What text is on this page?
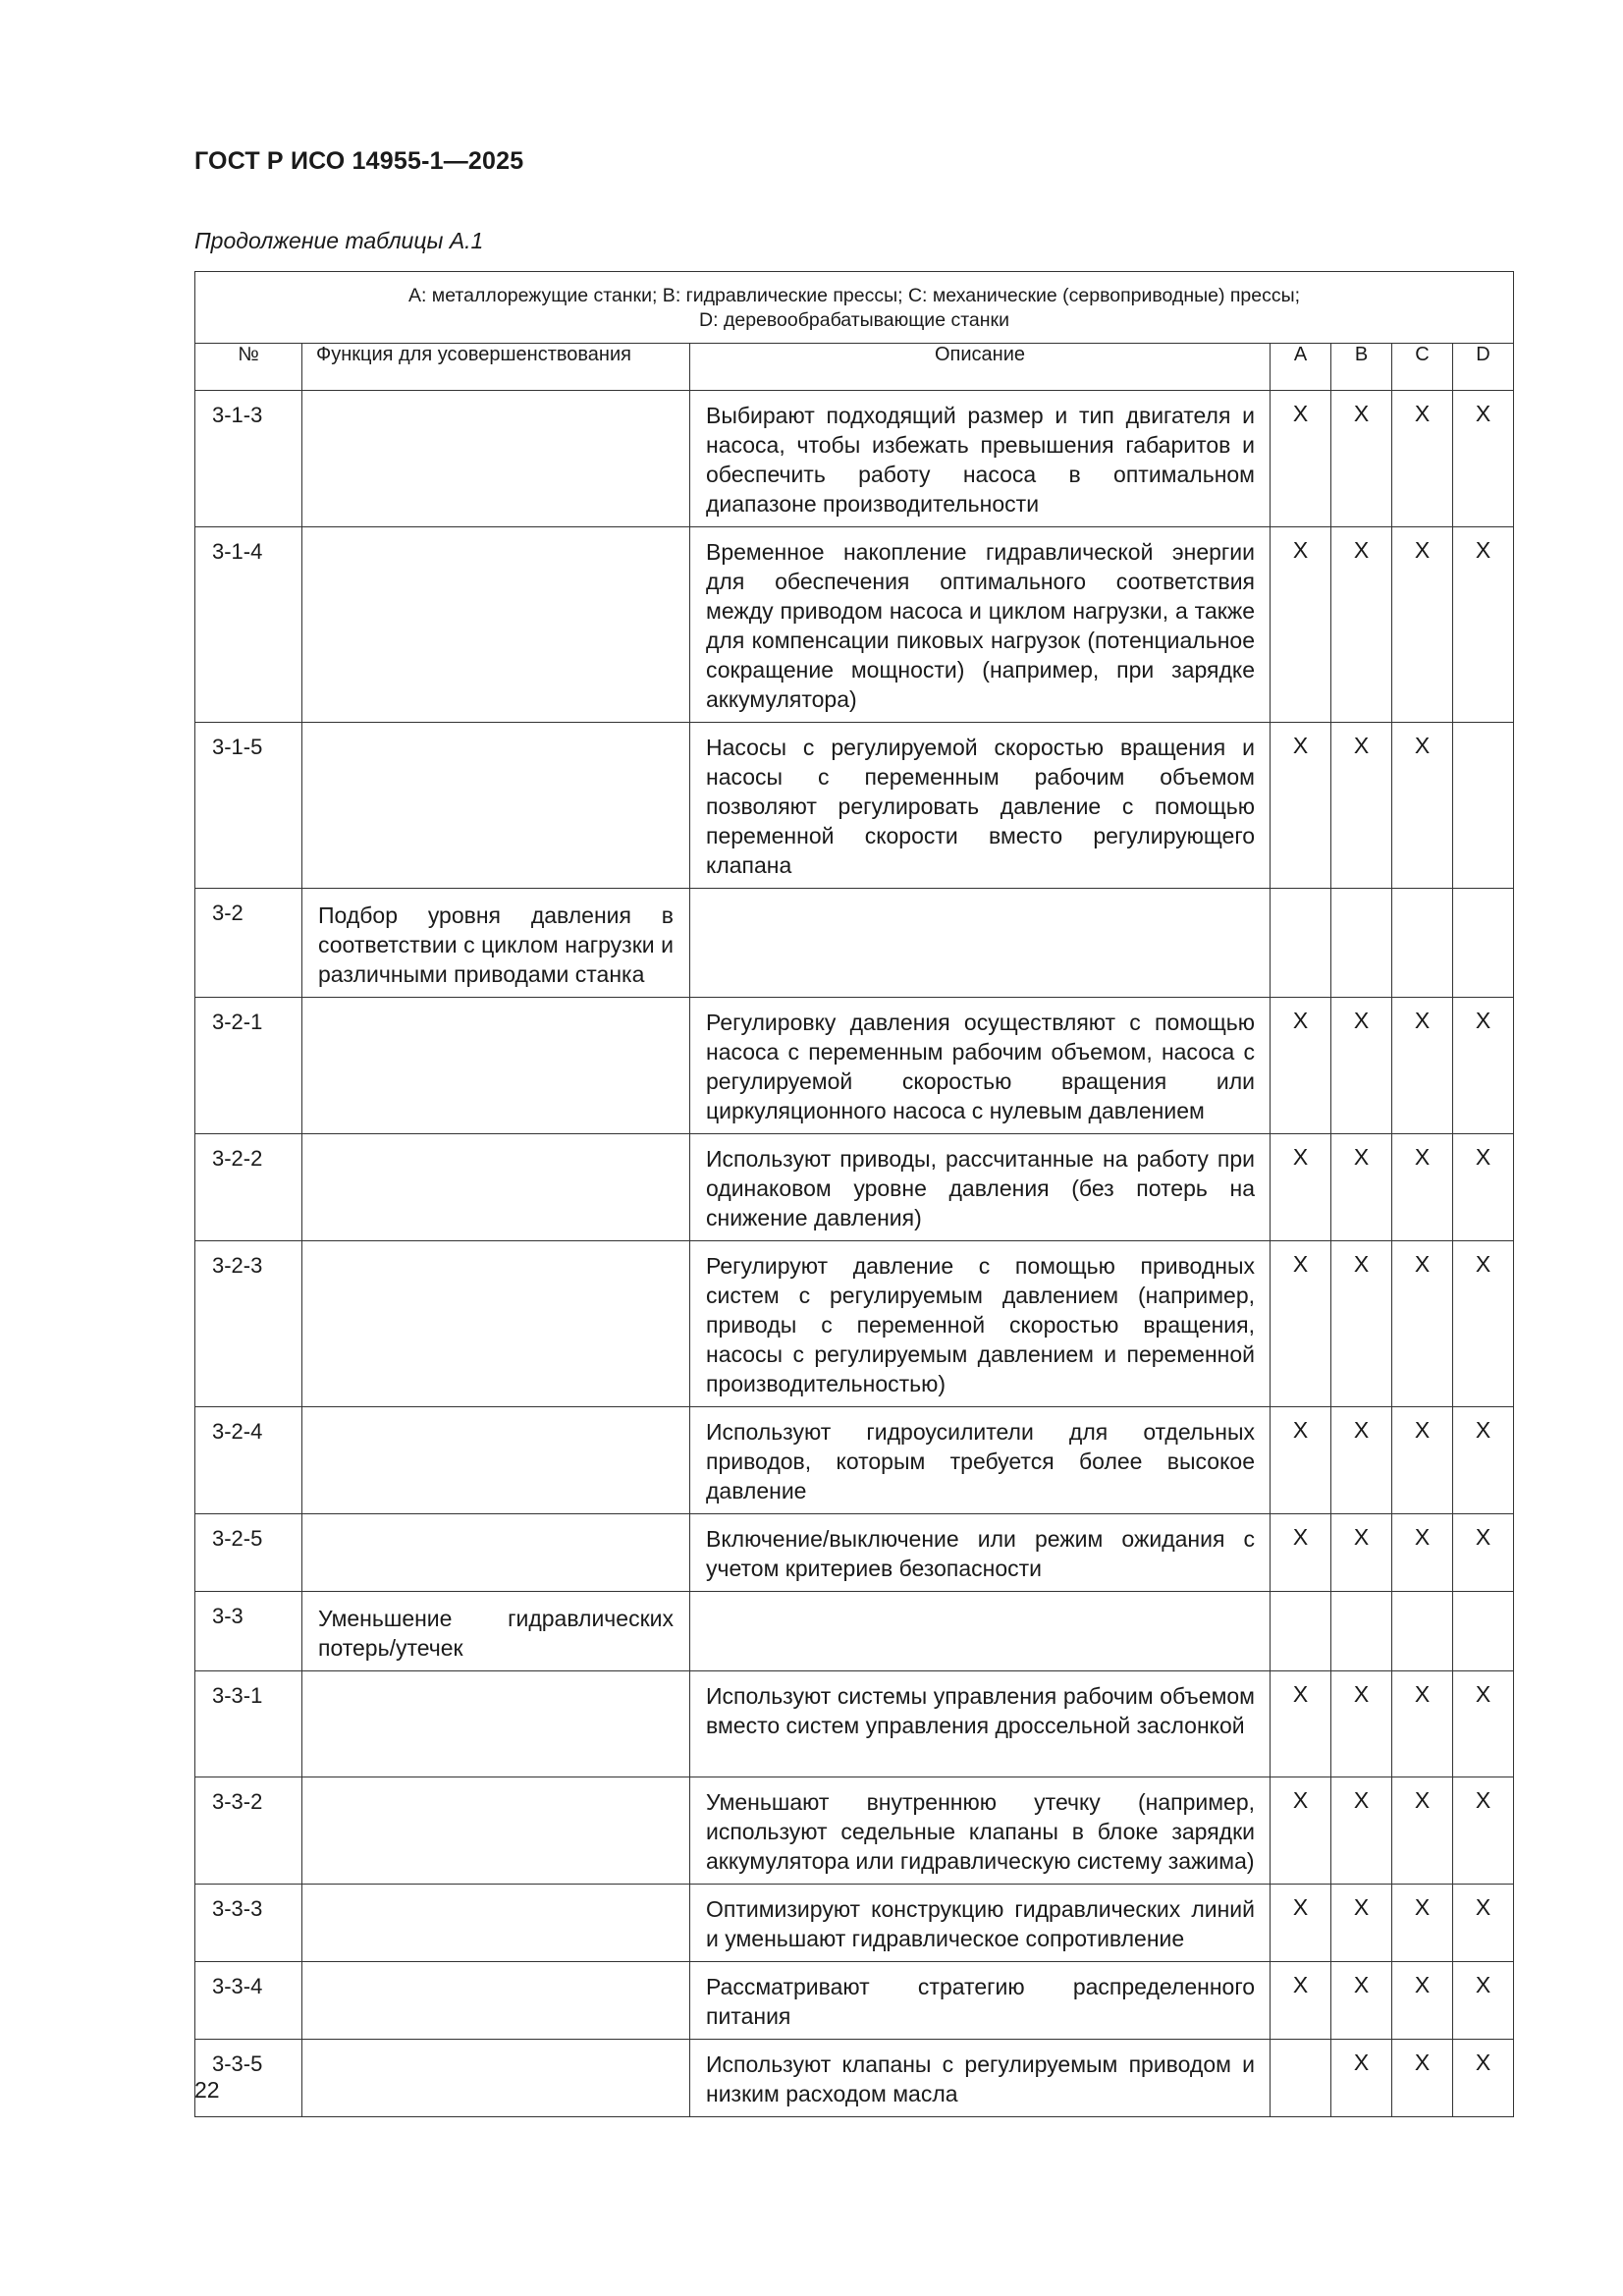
ГОСТ Р ИСО 14955-1—2025
Продолжение таблицы А.1
А: металлорежущие станки; В: гидравлические прессы; С: механические (сервоприводные) прессы;
D: деревообрабатывающие станки						
№	Функция для усовершенствования	Описание	A	B	C	D
3-1-3		Выбирают подходящий размер и тип двигателя и насоса, чтобы избежать превышения габаритов и обеспечить работу насоса в оптимальном диапазоне производительности	X	X	X	X
3-1-4		Временное накопление гидравлической энергии для обеспечения оптимального соответствия между приводом насоса и циклом нагрузки, а также для компенсации пиковых нагрузок (потенциальное сокращение мощности) (например, при зарядке аккумулятора)	X	X	X	X
3-1-5		Насосы с регулируемой скоростью вращения и насосы с переменным рабочим объемом позволяют регулировать давление с помощью переменной скорости вместо регулирующего клапана	X	X	X	
3-2	Подбор уровня давления в соответствии с циклом нагрузки и различными приводами станка					
3-2-1		Регулировку давления осуществляют с помощью насоса с переменным рабочим объемом, насоса с регулируемой скоростью вращения или циркуляционного насоса с нулевым давлением	X	X	X	X
3-2-2		Используют приводы, рассчитанные на работу при одинаковом уровне давления (без потерь на снижение давления)	X	X	X	X
3-2-3		Регулируют давление с помощью приводных систем с регулируемым давлением (например, приводы с переменной скоростью вращения, насосы с регулируемым давлением и переменной производительностью)	X	X	X	X
3-2-4		Используют гидроусилители для отдельных приводов, которым требуется более высокое давление	X	X	X	X
3-2-5		Включение/выключение или режим ожидания с учетом критериев безопасности	X	X	X	X
3-3	Уменьшение гидравлических потерь/утечек					
3-3-1		Используют системы управления рабочим объемом вместо систем управления дроссельной заслонкой	X	X	X	X
3-3-2		Уменьшают внутреннюю утечку (например, используют седельные клапаны в блоке зарядки аккумулятора или гидравлическую систему зажима)	X	X	X	X
3-3-3		Оптимизируют конструкцию гидравлических линий и уменьшают гидравлическое сопротивление	X	X	X	X
3-3-4		Рассматривают стратегию распределенного питания	X	X	X	X
3-3-5		Используют клапаны с регулируемым приводом и низким расходом масла		X	X	X
22
